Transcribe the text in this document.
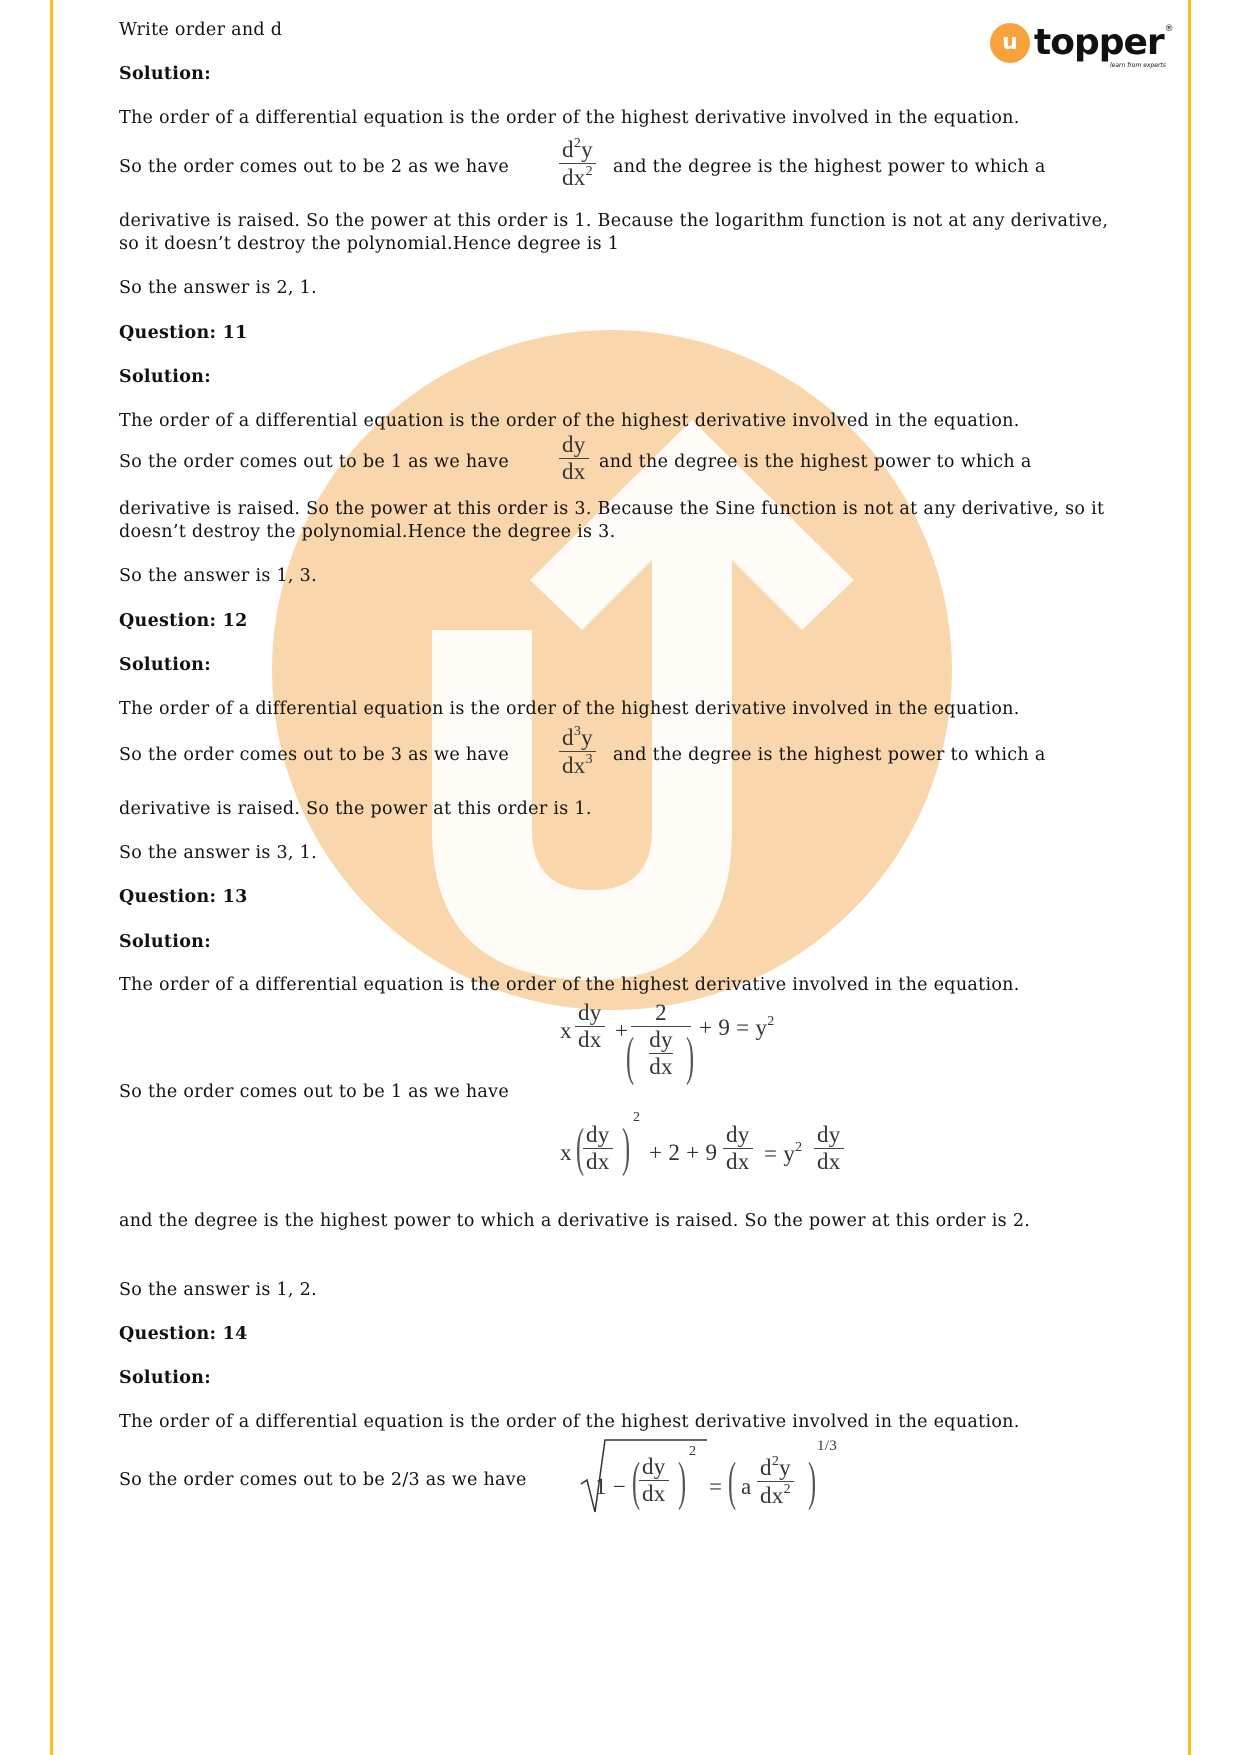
u topper ®
learn from experts
Write order and d
Solution:
The order of a differential equation is the order of the highest derivative involved in the equation.
So the order comes out to be 2 as we have $\frac{d^2y}{dx^2}$ and the degree is the highest power to which a
derivative is raised. So the power at this order is 1. Because the logarithm function is not at any derivative, so it doesn’t destroy the polynomial.Hence degree is 1
So the answer is 2, 1.
Question: 11
Solution:
The order of a differential equation is the order of the highest derivative involved in the equation.
So the order comes out to be 1 as we have $\frac{dy}{dx}$ and the degree is the highest power to which a
derivative is raised. So the power at this order is 3. Because the Sine function is not at any derivative, so it doesn’t destroy the polynomial.Hence the degree is 3.
So the answer is 1, 3.
Question: 12
Solution:
The order of a differential equation is the order of the highest derivative involved in the equation.
So the order comes out to be 3 as we have $\frac{d^3y}{dx^3}$ and the degree is the highest power to which a
derivative is raised. So the power at this order is 1.
So the answer is 3, 1.
Question: 13
Solution:
The order of a differential equation is the order of the highest derivative involved in the equation.
x $\frac{dy}{dx}$ +
2
dy
dx
( ) + $9 = y^2$
So the order comes out to be 1 as we have
x (
$\frac{dy}{dx}$ ) 2
+ $2 + 9 \frac{dy}{dx} = y^2 \frac{dy}{dx}$
and the degree is the highest power to which a derivative is raised. So the power at this order is 2.
So the answer is 1, 2.
Question: 14
Solution:
The order of a differential equation is the order of the highest derivative involved in the equation.
So the order comes out to be 2/3 as we have	1 − (
$\frac{dy}{dx}$ ) 2
= ( a $\frac{d^2y}{dx^2}$ )
1/3
